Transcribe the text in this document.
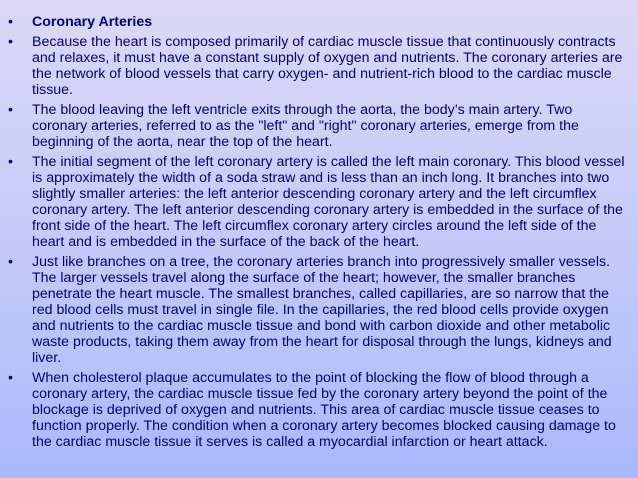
• Coronary Arteries
• Because the heart is composed primarily of cardiac muscle tissue that continuously contracts and relaxes, it must have a constant supply of oxygen and nutrients. The coronary arteries are the network of blood vessels that carry oxygen- and nutrient-rich blood to the cardiac muscle tissue.
• The blood leaving the left ventricle exits through the aorta, the body’s main artery. Two coronary arteries, referred to as the "left" and "right" coronary arteries, emerge from the beginning of the aorta, near the top of the heart.
• The initial segment of the left coronary artery is called the left main coronary. This blood vessel is approximately the width of a soda straw and is less than an inch long. It branches into two slightly smaller arteries: the left anterior descending coronary artery and the left circumflex coronary artery. The left anterior descending coronary artery is embedded in the surface of the front side of the heart. The left circumflex coronary artery circles around the left side of the heart and is embedded in the surface of the back of the heart.
• Just like branches on a tree, the coronary arteries branch into progressively smaller vessels. The larger vessels travel along the surface of the heart; however, the smaller branches penetrate the heart muscle. The smallest branches, called capillaries, are so narrow that the red blood cells must travel in single file. In the capillaries, the red blood cells provide oxygen and nutrients to the cardiac muscle tissue and bond with carbon dioxide and other metabolic waste products, taking them away from the heart for disposal through the lungs, kidneys and liver.
• When cholesterol plaque accumulates to the point of blocking the flow of blood through a coronary artery, the cardiac muscle tissue fed by the coronary artery beyond the point of the blockage is deprived of oxygen and nutrients. This area of cardiac muscle tissue ceases to function properly. The condition when a coronary artery becomes blocked causing damage to the cardiac muscle tissue it serves is called a myocardial infarction or heart attack.
